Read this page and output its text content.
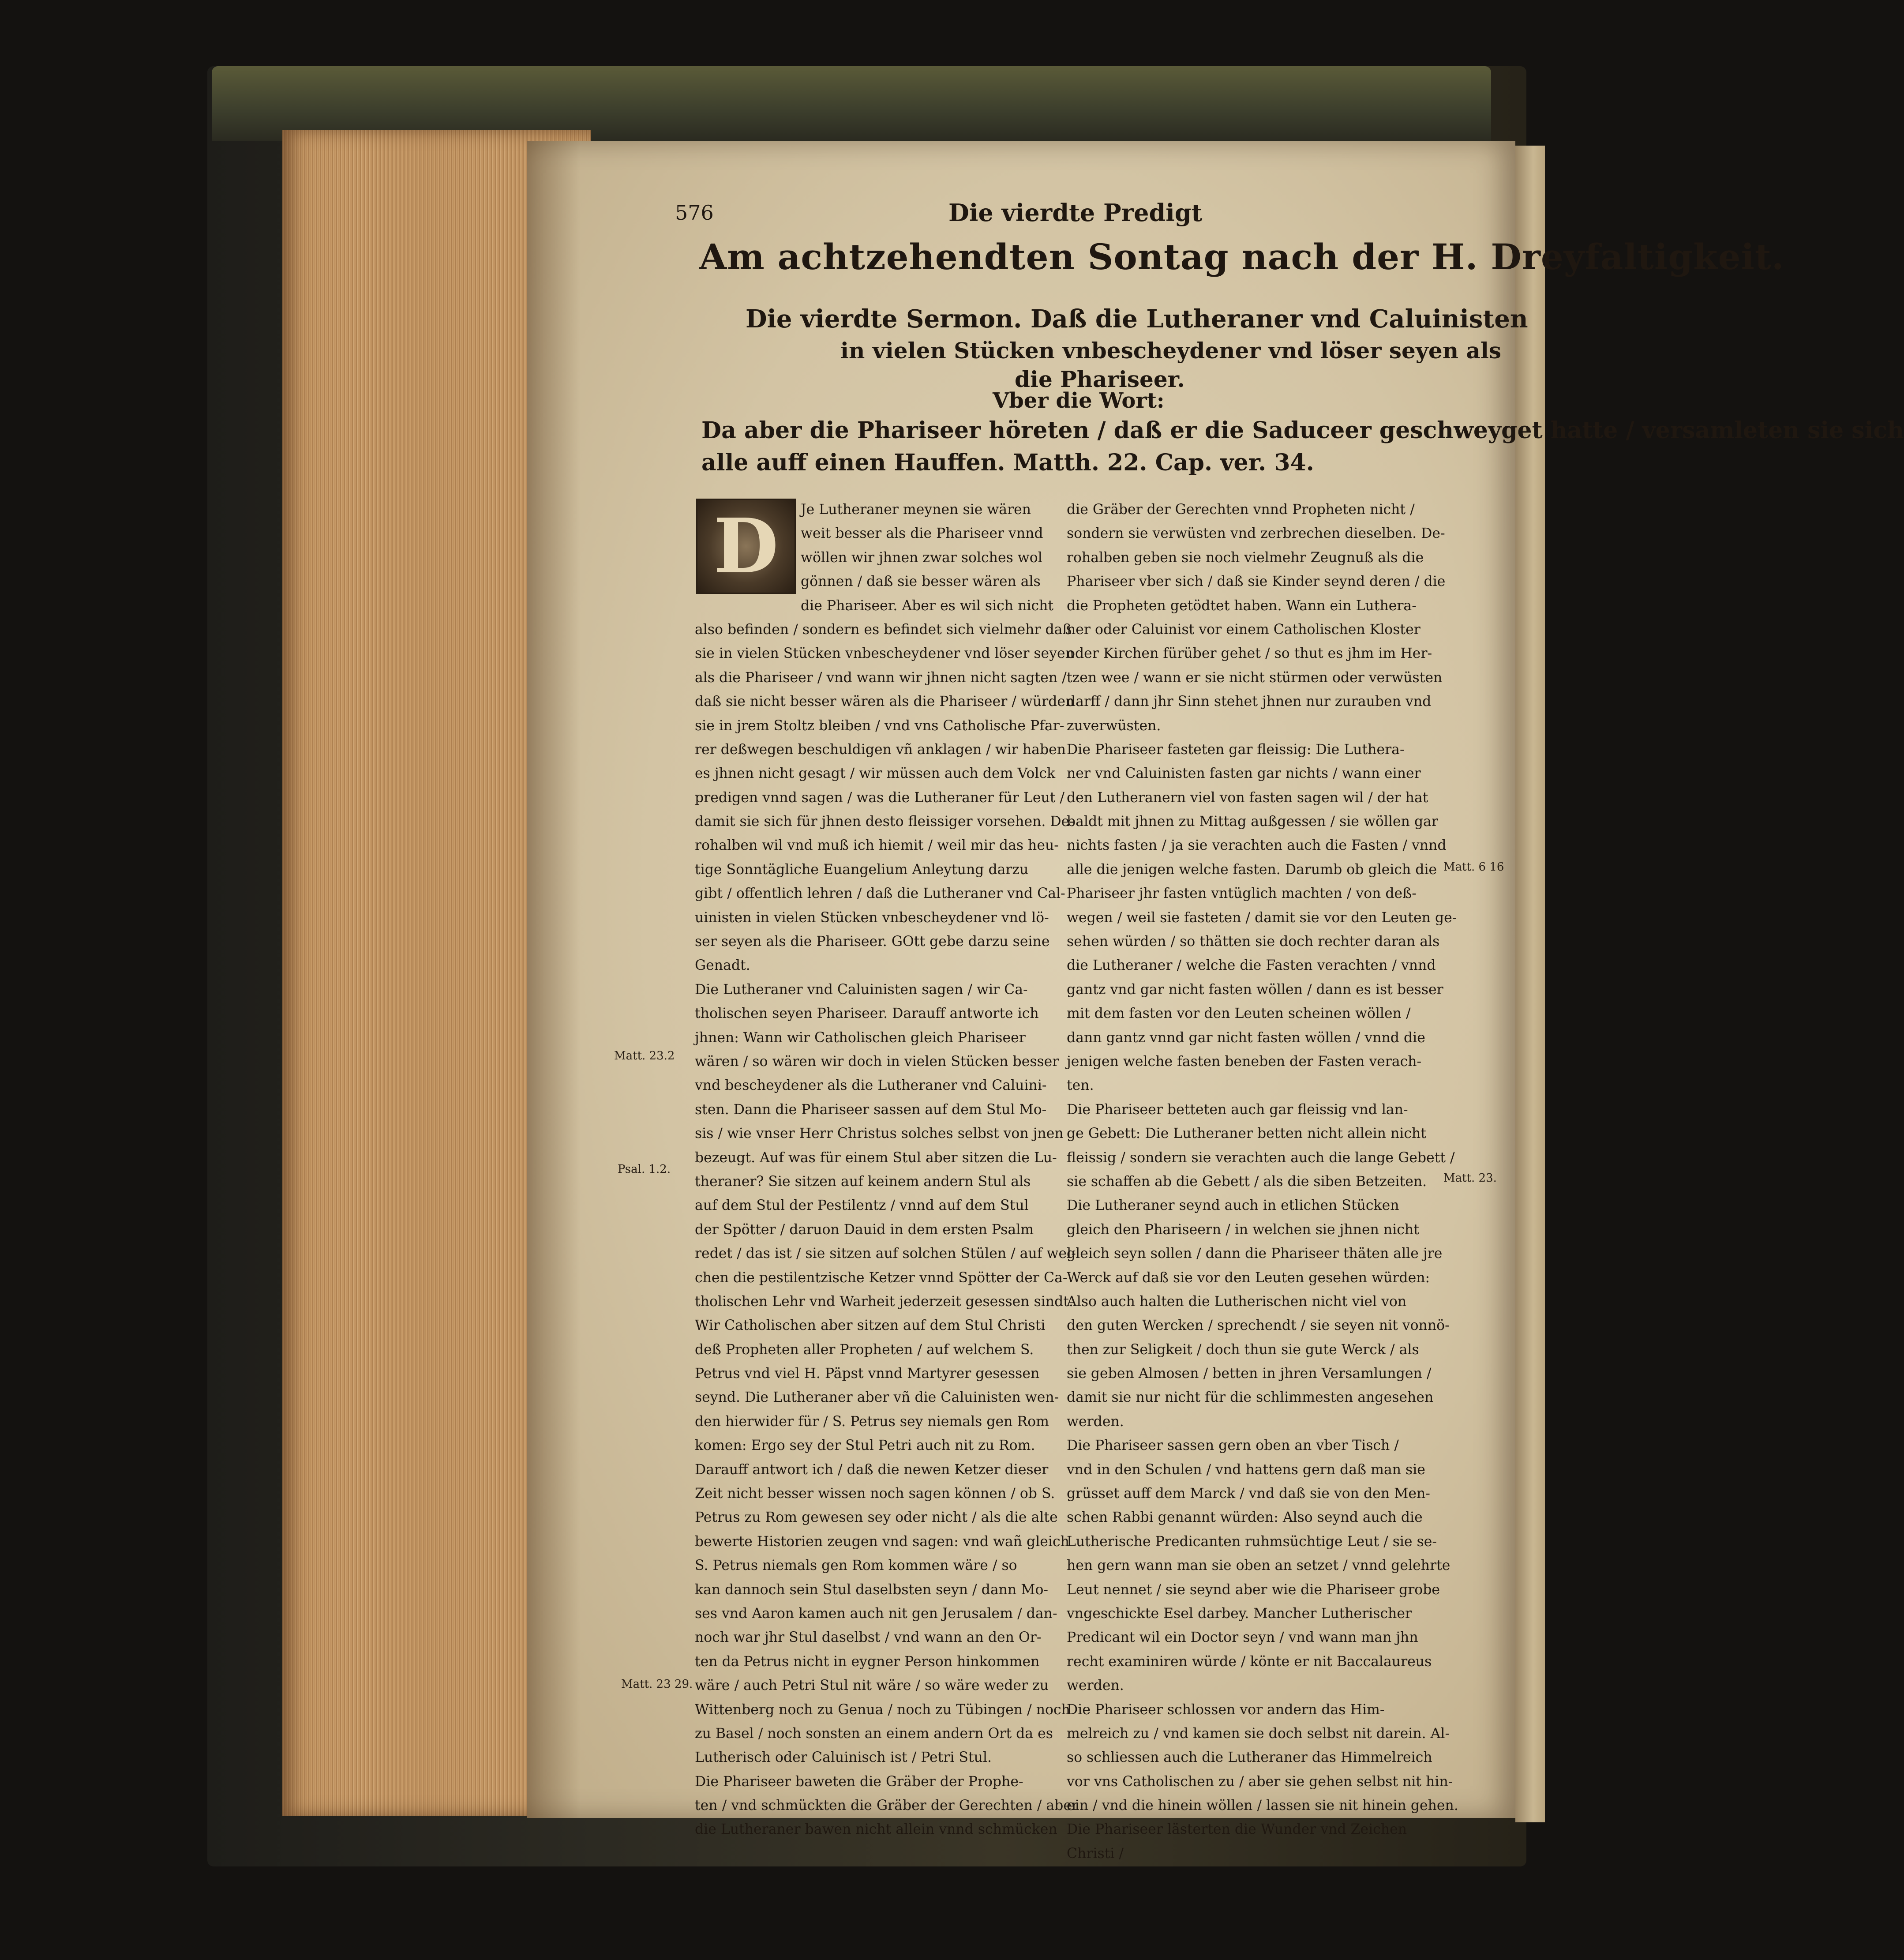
576	Die vierdte Predigt
Am achtzehendten Sontag nach der H. Dreyfaltigkeit.
Die vierdte Sermon. Daß die Lutheraner vnd Caluinisten
in vielen Stücken vnbescheydener vnd löser seyen als
die Phariseer.
Vber die Wort:
Da aber die Phariseer höreten / daß er die Saduceer geschweyget hatte / versamleten sie sich
alle auff einen Hauffen. Matth. 22. Cap. ver. 34.
D	Je Lutheraner meynen sie wären
weit besser als die Phariseer vnnd
wöllen wir jhnen zwar solches wol
gönnen / daß sie besser wären als
die Phariseer. Aber es wil sich nicht
also befinden / sondern es befindet sich vielmehr daß
sie in vielen Stücken vnbescheydener vnd löser seyen
als die Phariseer / vnd wann wir jhnen nicht sagten /
daß sie nicht besser wären als die Phariseer / würden
sie in jrem Stoltz bleiben / vnd vns Catholische Pfar-
rer deßwegen beschuldigen vñ anklagen / wir haben
es jhnen nicht gesagt / wir müssen auch dem Volck
predigen vnnd sagen / was die Lutheraner für Leut /
damit sie sich für jhnen desto fleissiger vorsehen. De-
rohalben wil vnd muß ich hiemit / weil mir das heu-
tige Sonntägliche Euangelium Anleytung darzu
gibt / offentlich lehren / daß die Lutheraner vnd Cal-
uinisten in vielen Stücken vnbescheydener vnd lö-
ser seyen als die Phariseer. GOtt gebe darzu seine
Genadt.
Die Lutheraner vnd Caluinisten sagen / wir Ca-
tholischen seyen Phariseer. Darauff antworte ich
jhnen: Wann wir Catholischen gleich Phariseer
wären / so wären wir doch in vielen Stücken besser
vnd bescheydener als die Lutheraner vnd Caluini-
sten. Dann die Phariseer sassen auf dem Stul Mo-
sis / wie vnser Herr Christus solches selbst von jnen
bezeugt. Auf was für einem Stul aber sitzen die Lu-
theraner? Sie sitzen auf keinem andern Stul als
auf dem Stul der Pestilentz / vnnd auf dem Stul
der Spötter / daruon Dauid in dem ersten Psalm
redet / das ist / sie sitzen auf solchen Stülen / auf wel-
chen die pestilentzische Ketzer vnnd Spötter der Ca-
tholischen Lehr vnd Warheit jederzeit gesessen sindt.
Wir Catholischen aber sitzen auf dem Stul Christi
deß Propheten aller Propheten / auf welchem S.
Petrus vnd viel H. Päpst vnnd Martyrer gesessen
seynd. Die Lutheraner aber vñ die Caluinisten wen-
den hierwider für / S. Petrus sey niemals gen Rom
komen: Ergo sey der Stul Petri auch nit zu Rom.
Darauff antwort ich / daß die newen Ketzer dieser
Zeit nicht besser wissen noch sagen können / ob S.
Petrus zu Rom gewesen sey oder nicht / als die alte
bewerte Historien zeugen vnd sagen: vnd wañ gleich
S. Petrus niemals gen Rom kommen wäre / so
kan dannoch sein Stul daselbsten seyn / dann Mo-
ses vnd Aaron kamen auch nit gen Jerusalem / dan-
noch war jhr Stul daselbst / vnd wann an den Or-
ten da Petrus nicht in eygner Person hinkommen
wäre / auch Petri Stul nit wäre / so wäre weder zu
Wittenberg noch zu Genua / noch zu Tübingen / noch
zu Basel / noch sonsten an einem andern Ort da es
Lutherisch oder Caluinisch ist / Petri Stul.
Die Phariseer baweten die Gräber der Prophe-
ten / vnd schmückten die Gräber der Gerechten / aber
die Lutheraner bawen nicht allein vnnd schmücken
die Gräber der Gerechten vnnd Propheten nicht /
sondern sie verwüsten vnd zerbrechen dieselben. De-
rohalben geben sie noch vielmehr Zeugnuß als die
Phariseer vber sich / daß sie Kinder seynd deren / die
die Propheten getödtet haben. Wann ein Luthera-
ner oder Caluinist vor einem Catholischen Kloster
oder Kirchen fürüber gehet / so thut es jhm im Her-
tzen wee / wann er sie nicht stürmen oder verwüsten
darff / dann jhr Sinn stehet jhnen nur zurauben vnd
zuverwüsten.
Die Phariseer fasteten gar fleissig: Die Luthera-
ner vnd Caluinisten fasten gar nichts / wann einer
den Lutheranern viel von fasten sagen wil / der hat
baldt mit jhnen zu Mittag außgessen / sie wöllen gar
nichts fasten / ja sie verachten auch die Fasten / vnnd
alle die jenigen welche fasten. Darumb ob gleich die
Phariseer jhr fasten vntüglich machten / von deß-
wegen / weil sie fasteten / damit sie vor den Leuten ge-
sehen würden / so thätten sie doch rechter daran als
die Lutheraner / welche die Fasten verachten / vnnd
gantz vnd gar nicht fasten wöllen / dann es ist besser
mit dem fasten vor den Leuten scheinen wöllen /
dann gantz vnnd gar nicht fasten wöllen / vnnd die
jenigen welche fasten beneben der Fasten verach-
ten.
Die Phariseer betteten auch gar fleissig vnd lan-
ge Gebett: Die Lutheraner betten nicht allein nicht
fleissig / sondern sie verachten auch die lange Gebett /
sie schaffen ab die Gebett / als die siben Betzeiten.
Die Lutheraner seynd auch in etlichen Stücken
gleich den Phariseern / in welchen sie jhnen nicht
gleich seyn sollen / dann die Phariseer thäten alle jre
Werck auf daß sie vor den Leuten gesehen würden:
Also auch halten die Lutherischen nicht viel von
den guten Wercken / sprechendt / sie seyen nit vonnö-
then zur Seligkeit / doch thun sie gute Werck / als
sie geben Almosen / betten in jhren Versamlungen /
damit sie nur nicht für die schlimmesten angesehen
werden.
Die Phariseer sassen gern oben an vber Tisch /
vnd in den Schulen / vnd hattens gern daß man sie
grüsset auff dem Marck / vnd daß sie von den Men-
schen Rabbi genannt würden: Also seynd auch die
Lutherische Predicanten ruhmsüchtige Leut / sie se-
hen gern wann man sie oben an setzet / vnnd gelehrte
Leut nennet / sie seynd aber wie die Phariseer grobe
vngeschickte Esel darbey. Mancher Lutherischer
Predicant wil ein Doctor seyn / vnd wann man jhn
recht examiniren würde / könte er nit Baccalaureus
werden.
Die Phariseer schlossen vor andern das Him-
melreich zu / vnd kamen sie doch selbst nit darein. Al-
so schliessen auch die Lutheraner das Himmelreich
vor vns Catholischen zu / aber sie gehen selbst nit hin-
ein / vnd die hinein wöllen / lassen sie nit hinein gehen.
Die Phariseer lästerten die Wunder vnd Zeichen
Christi /
Matt. 23.2
Psal. 1.2.
Matt. 23 29.
Matt. 6 16
Matt. 23.
